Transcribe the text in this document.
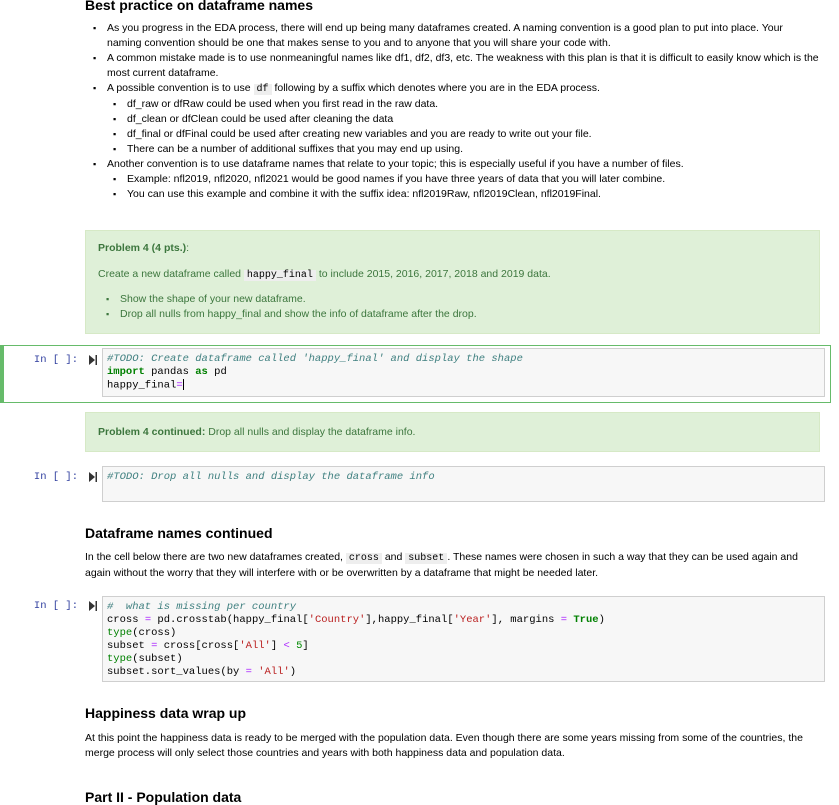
Best practice on dataframe names
▪ As you progress in the EDA process, there will end up being many dataframes created. A naming convention is a good plan to put into place. Your naming convention should be one that makes sense to you and to anyone that you will share your code with.
▪ A common mistake made is to use nonmeaningful names like df1, df2, df3, etc. The weakness with this plan is that it is difficult to easily know which is the most current dataframe.
▪ A possible convention is to use df following by a suffix which denotes where you are in the EDA process.
▪ df_raw or dfRaw could be used when you first read in the raw data.
▪ df_clean or dfClean could be used after cleaning the data
▪ df_final or dfFinal could be used after creating new variables and you are ready to write out your file.
▪ There can be a number of additional suffixes that you may end up using.
▪ Another convention is to use dataframe names that relate to your topic; this is especially useful if you have a number of files.
▪ Example: nfl2019, nfl2020, nfl2021 would be good names if you have three years of data that you will later combine.
▪ You can use this example and combine it with the suffix idea: nfl2019Raw, nfl2019Clean, nfl2019Final.
Problem 4 (4 pts.):
Create a new dataframe called happy_final to include 2015, 2016, 2017, 2018 and 2019 data.
▪ Show the shape of your new dataframe.
▪ Drop all nulls from happy_final and show the info of dataframe after the drop.
In [ ]:	#TODO: Create dataframe called 'happy_final' and display the shape
import pandas as pd
happy_final=
Problem 4 continued: Drop all nulls and display the dataframe info.
In [ ]:	#TODO: Drop all nulls and display the dataframe info
Dataframe names continued
In the cell below there are two new dataframes created, cross and subset . These names were chosen in such a way that they can be used again and again without the worry that they will interfere with or be overwritten by a dataframe that might be needed later.
In [ ]:	#  what is missing per country
cross = pd.crosstab(happy_final['Country'],happy_final['Year'], margins = True)
type(cross)
subset = cross[cross['All'] < 5]
type(subset)
subset.sort_values(by = 'All')
Happiness data wrap up
At this point the happiness data is ready to be merged with the population data. Even though there are some years missing from some of the countries, the merge process will only select those countries and years with both happiness data and population data.
Part II - Population data
